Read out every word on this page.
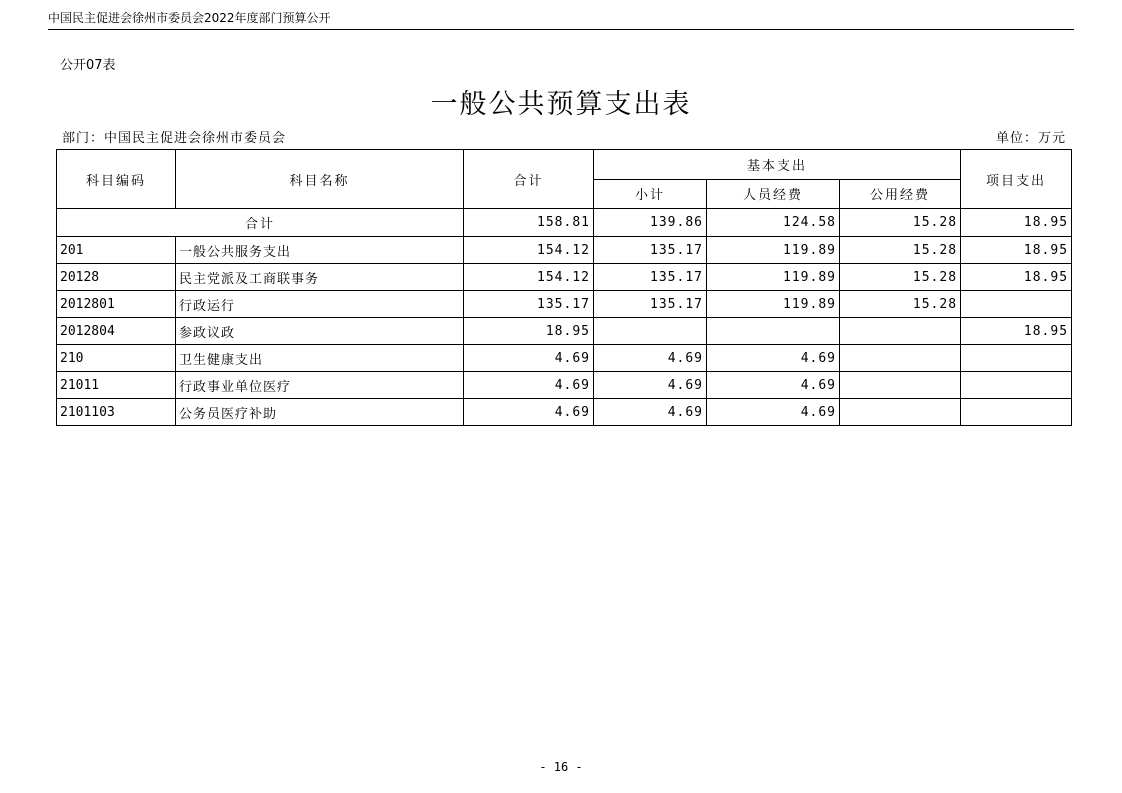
中国民主促进会徐州市委员会2022年度部门预算公开
公开07表
一般公共预算支出表
部门：中国民主促进会徐州市委员会	单位：万元
科目编码	科目名称	合计	基本支出			项目支出
			小计	人员经费	公用经费	
合计		158.81	139.86	124.58	15.28	18.95
201	一般公共服务支出	154.12	135.17	119.89	15.28	18.95
20128	民主党派及工商联事务	154.12	135.17	119.89	15.28	18.95
2012801	行政运行	135.17	135.17	119.89	15.28	
2012804	参政议政	18.95				18.95
210	卫生健康支出	4.69	4.69	4.69		
21011	行政事业单位医疗	4.69	4.69	4.69		
2101103	公务员医疗补助	4.69	4.69	4.69		
- 16 -
